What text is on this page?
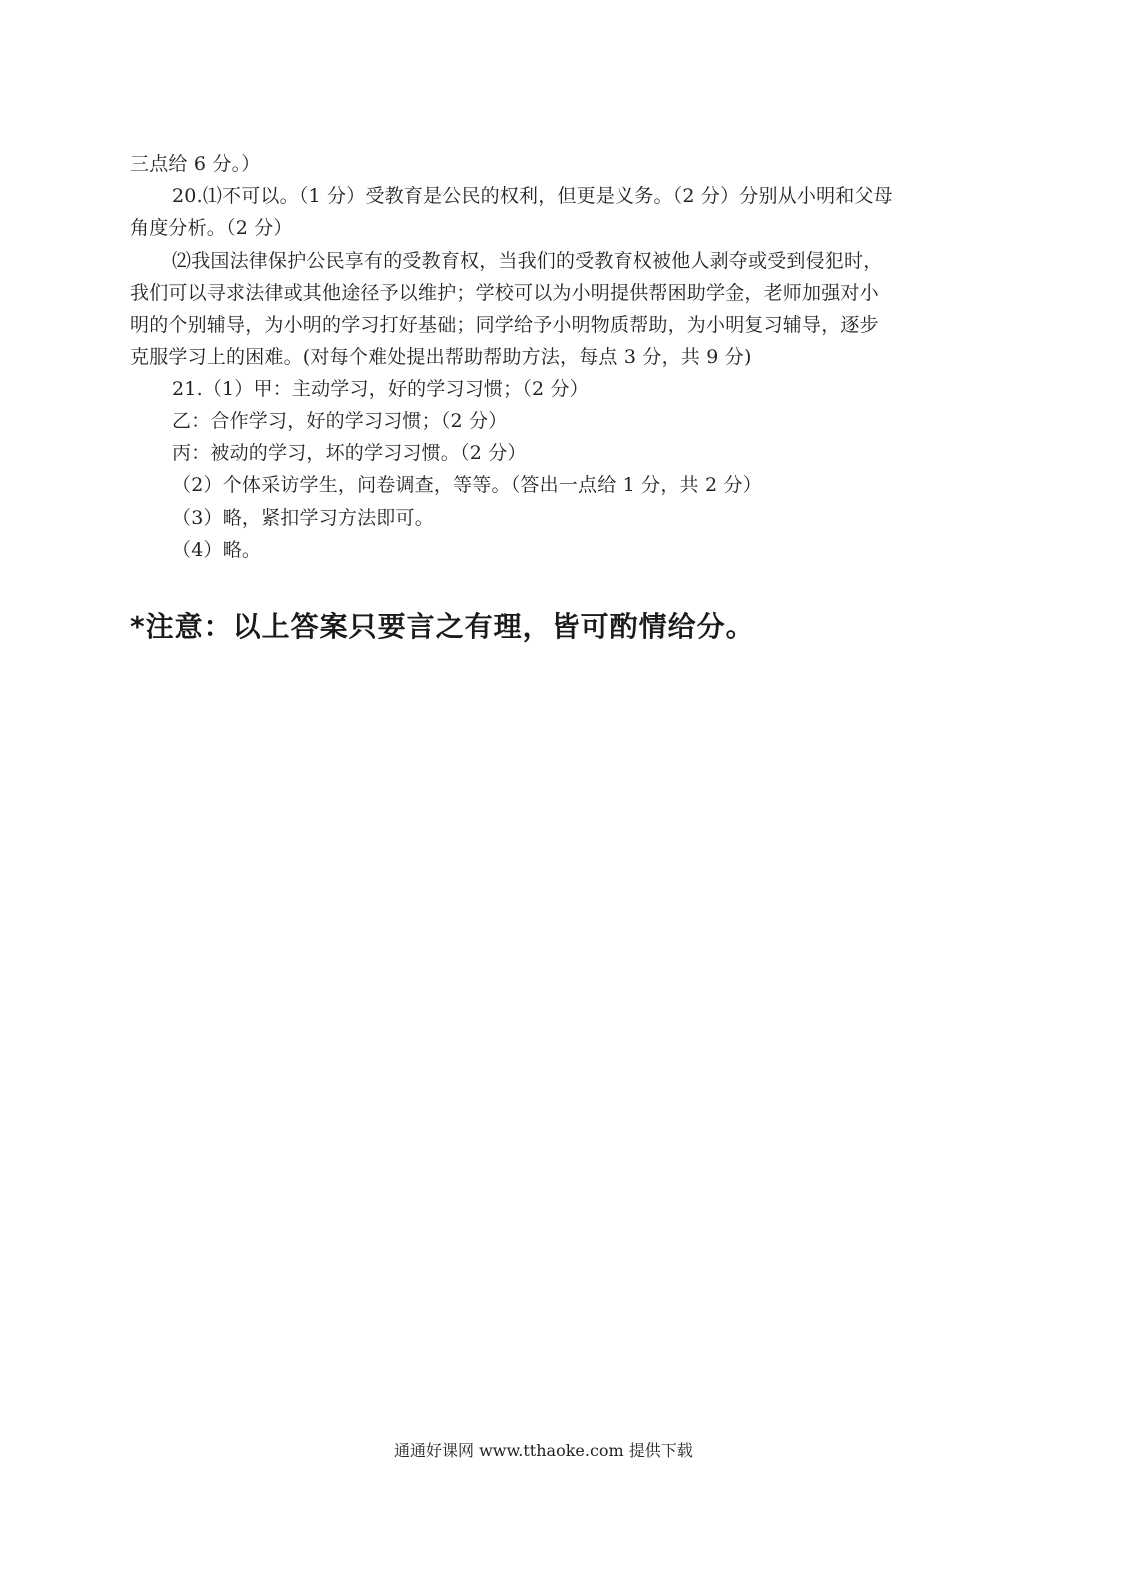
三点给 6 分。）
20.⑴不可以。（1 分）受教育是公民的权利，但更是义务。（2 分）分别从小明和父母
角度分析。（2 分）
⑵我国法律保护公民享有的受教育权，当我们的受教育权被他人剥夺或受到侵犯时，
我们可以寻求法律或其他途径予以维护；学校可以为小明提供帮困助学金，老师加强对小
明的个别辅导，为小明的学习打好基础；同学给予小明物质帮助，为小明复习辅导，逐步
克服学习上的困难。(对每个难处提出帮助帮助方法，每点 3 分，共 9 分)
21.（1）甲：主动学习，好的学习习惯；（2 分）
乙：合作学习，好的学习习惯；（2 分）
丙：被动的学习，坏的学习习惯。（2 分）
（2）个体采访学生，问卷调查，等等。（答出一点给 1 分，共 2 分）
（3）略，紧扣学习方法即可。
（4）略。
*注意：以上答案只要言之有理，皆可酌情给分。
通通好课网 www.tthaoke.com 提供下载
